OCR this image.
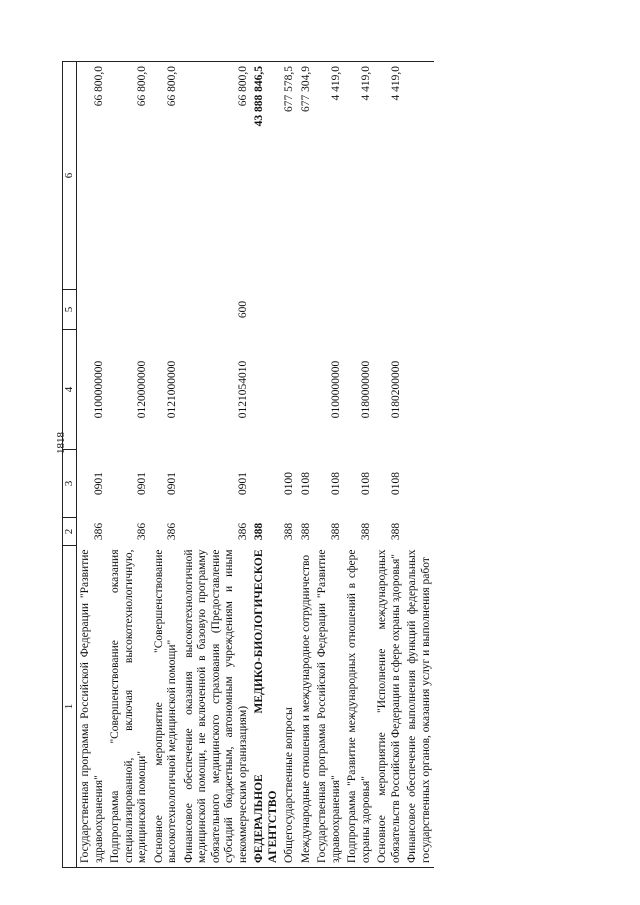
1818
1	2	3	4	5	6
Государственная программа Российской Федерации "Развитие здравоохранения"	386	0901	0100000000		66 800,0
Подпрограмма "Совершенствование оказания специализированной, включая высокотехнологичную, медицинской помощи"	386	0901	0120000000		66 800,0
Основное мероприятие "Совершенствование высокотехнологичной медицинской помощи"	386	0901	0121000000		66 800,0
Финансовое обеспечение оказания высокотехнологичной медицинской помощи, не включенной в базовую программу обязательного медицинского страхования (Предоставление субсидий бюджетным, автономным учреждениям и иным некоммерческим организациям)	386	0901	0121054010	600	66 800,0
ФЕДЕРАЛЬНОЕ МЕДИКО-БИОЛОГИЧЕСКОЕ АГЕНТСТВО	388				43 888 846,5
Общегосударственные вопросы	388	0100			677 578,5
Международные отношения и международное сотрудничество	388	0108			677 304,9
Государственная программа Российской Федерации "Развитие здравоохранения"	388	0108	0100000000		4 419,0
Подпрограмма "Развитие международных отношений в сфере охраны здоровья"	388	0108	0180000000		4 419,0
Основное мероприятие "Исполнение международных обязательств Российской Федерации в сфере охраны здоровья"	388	0108	0180200000		4 419,0
Финансовое обеспечение выполнения функций федеральных государственных органов, оказания услуг и выполнения работ					
